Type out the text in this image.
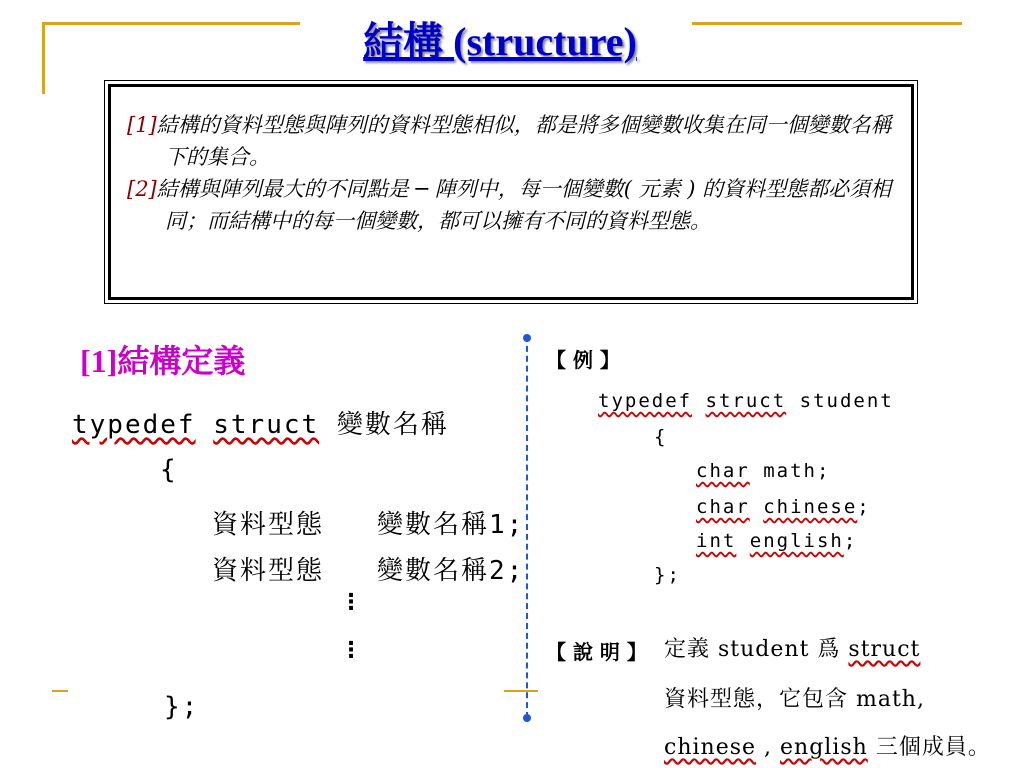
結構 (structure)
[1]結構的資料型態與陣列的資料型態相似，都是將多個變數收集在同一個變數名稱下的集合。
[2]結構與陣列最大的不同點是 ─ 陣列中，每一個變數( 元素 ) 的資料型態都必須相同；而結構中的每一個變數，都可以擁有不同的資料型態。
[1]結構定義
typedef struct 變數名稱
{
資料型態   變數名稱1;
資料型態   變數名稱2;
⋮
⋮
};
【 例 】
typedef struct student
{
char math;
char chinese;
int english;
};
【 說 明 】 定義 student 爲 struct
資料型態，它包含 math,
chinese , english 三個成員。
